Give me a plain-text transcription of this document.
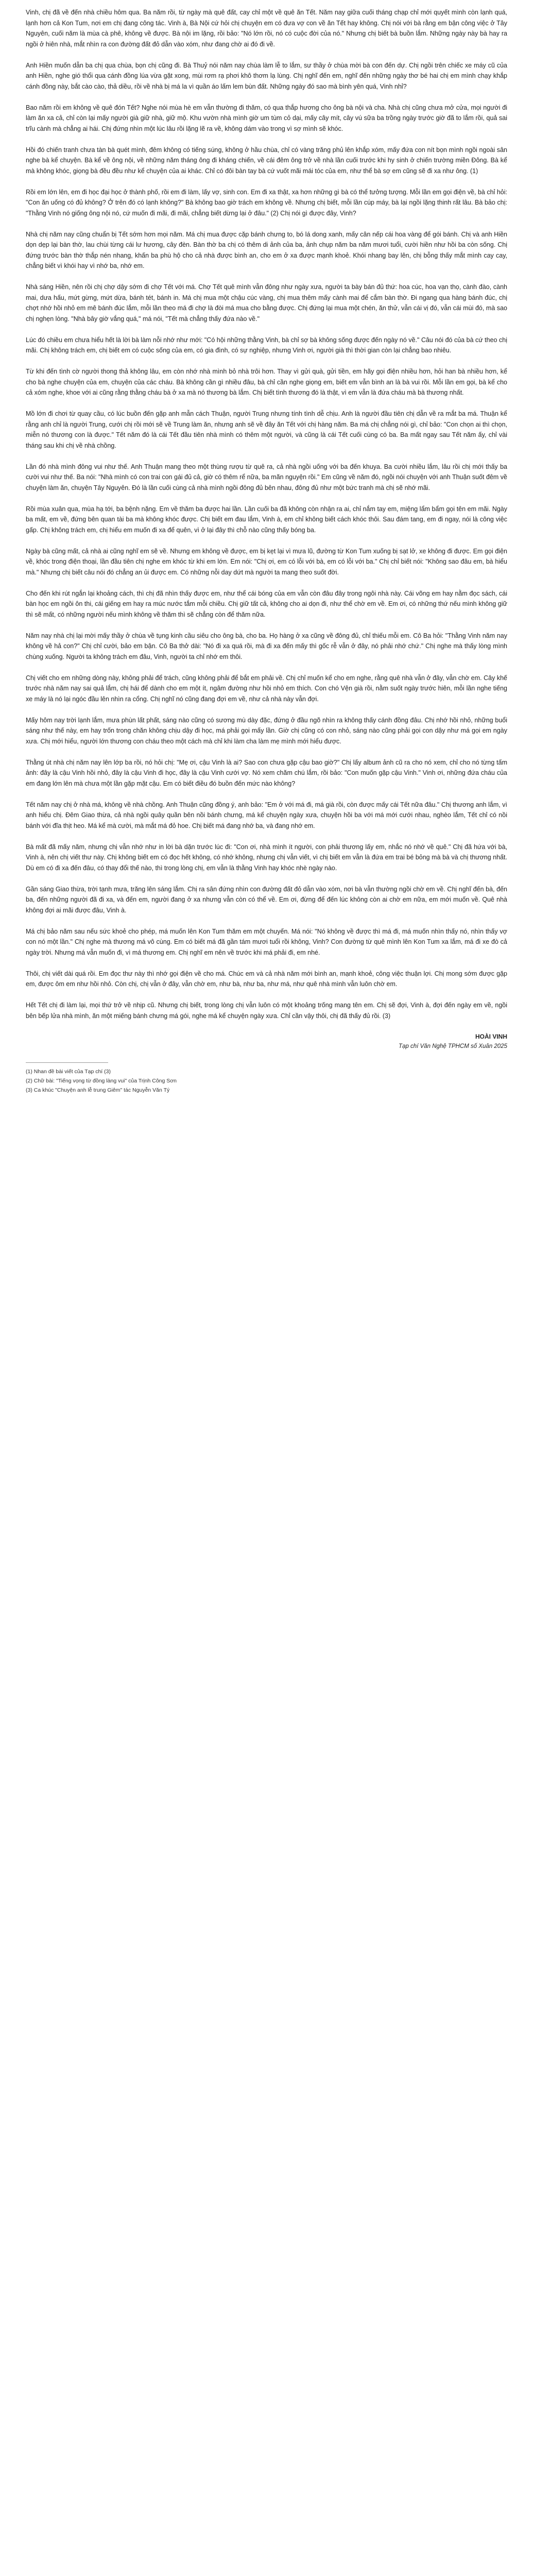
Vinh, chị đã về đến nhà chiều hôm qua. Ba năm rồi, từ ngày mà quê đất, cay chỉ một về quê ăn Tết. Năm nay giữa cuối tháng chạp chỉ mới quyết mình còn lạnh quá, lạnh hơn cả Kon Tum, nơi em chị đang công tác. Vinh à, Bà Nội cứ hỏi chị chuyện em có đưa vợ con về ăn Tết hay không. Chị nói với bà rằng em bận công việc ở Tây Nguyên, cuối năm là mùa cà phê, không về được. Bà nội im lặng, rồi bảo: "Nó lớn rồi, nó có cuộc đời của nó." Nhưng chị biết bà buồn lắm. Những ngày này bà hay ra ngồi ở hiên nhà, mắt nhìn ra con đường đất đỏ dẫn vào xóm, như đang chờ ai đó đi về.

Anh Hiền muốn dẫn ba chị qua chùa, bọn chị cũng đi. Bà Thuỷ nói năm nay chùa làm lễ to lắm, sư thầy ở chùa mời bà con đến dự. Chị ngồi trên chiếc xe máy cũ của anh Hiền, nghe gió thổi qua cánh đồng lúa vừa gặt xong, mùi rơm rạ phơi khô thơm lạ lùng. Chị nghĩ đến em, nghĩ đến những ngày thơ bé hai chị em mình chạy khắp cánh đồng này, bắt cào cào, thả diều, rồi về nhà bị má la vì quần áo lấm lem bùn đất. Những ngày đó sao mà bình yên quá, Vinh nhỉ?

Bao năm rồi em không về quê đón Tết? Nghe nói mùa hè em vẫn thường đi thăm, có qua thắp hương cho ông bà nội và cha. Nhà chị cũng chưa mở cửa, mọi người đi làm ăn xa cả, chỉ còn lại mấy người già giữ nhà, giữ mộ. Khu vườn nhà mình giờ um tùm cỏ dại, mấy cây mít, cây vú sữa ba trồng ngày trước giờ đã to lắm rồi, quả sai trĩu cành mà chẳng ai hái. Chị đứng nhìn một lúc lâu rồi lặng lẽ ra về, không dám vào trong vì sợ mình sẽ khóc.

Hồi đó chiến tranh chưa tàn bà quét mình, đêm không có tiếng súng, không ở hầu chùa, chỉ có vàng trăng phủ lên khắp xóm, mấy đứa con nít bọn mình ngồi ngoài sân nghe bà kể chuyện. Bà kể về ông nội, về những năm tháng ông đi kháng chiến, về cái đêm ông trở về nhà lần cuối trước khi hy sinh ở chiến trường miền Đông. Bà kể mà không khóc, giọng bà đều đều như kể chuyện của ai khác. Chỉ có đôi bàn tay bà cứ vuốt mãi mái tóc của em, như thể bà sợ em cũng sẽ đi xa như ông. (1)

Rồi em lớn lên, em đi học đại học ở thành phố, rồi em đi làm, lấy vợ, sinh con. Em đi xa thật, xa hơn những gì bà có thể tưởng tượng. Mỗi lần em gọi điện về, bà chỉ hỏi: "Con ăn uống có đủ không? Ở trên đó có lạnh không?" Bà không bao giờ trách em không về. Nhưng chị biết, mỗi lần cúp máy, bà lại ngồi lặng thinh rất lâu. Bà bảo chị: "Thằng Vinh nó giống ông nội nó, cứ muốn đi mãi, đi mãi, chẳng biết dừng lại ở đâu." (2) Chị nói gì được đây, Vinh?

Nhà chị năm nay cũng chuẩn bị Tết sớm hơn mọi năm. Má chị mua được cặp bánh chưng to, bó lá dong xanh, mấy cân nếp cái hoa vàng để gói bánh. Chị và anh Hiền dọn dẹp lại bàn thờ, lau chùi từng cái lư hương, cây đèn. Bàn thờ ba chị có thêm di ảnh của ba, ảnh chụp năm ba năm mươi tuổi, cười hiền như hồi ba còn sống. Chị đứng trước bàn thờ thắp nén nhang, khấn ba phù hộ cho cả nhà được bình an, cho em ở xa được mạnh khoẻ. Khói nhang bay lên, chị bỗng thấy mắt mình cay cay, chẳng biết vì khói hay vì nhớ ba, nhớ em.

Nhà sáng Hiền, nên rồi chị chợ dậy sớm đi chợ Tết với má. Chợ Tết quê mình vẫn đông như ngày xưa, người ta bày bán đủ thứ: hoa cúc, hoa vạn thọ, cành đào, cành mai, dưa hấu, mứt gừng, mứt dừa, bánh tét, bánh in. Má chị mua một chậu cúc vàng, chị mua thêm mấy cành mai để cắm bàn thờ. Đi ngang qua hàng bánh đúc, chị chợt nhớ hồi nhỏ em mê bánh đúc lắm, mỗi lần theo má đi chợ là đòi má mua cho bằng được. Chị đứng lại mua một chén, ăn thử, vẫn cái vị đó, vẫn cái mùi đó, mà sao chị nghẹn lòng. "Nhà bây giờ vắng quá," má nói, "Tết mà chẳng thấy đứa nào về."

Lúc đó chiều em chưa hiểu hết là lời bà làm nỗi nhớ như mới: "Có hội những thằng Vinh, bà chỉ sợ bà không sống được đến ngày nó về." Câu nói đó của bà cứ theo chị mãi. Chị không trách em, chị biết em có cuộc sống của em, có gia đình, có sự nghiệp, nhưng Vinh ơi, người già thì thời gian còn lại chẳng bao nhiêu.

Từ khi đến tình cờ người thong thả không lâu, em còn nhớ nhà mình bỏ nhà trôi hơn. Thay vì gửi quà, gửi tiền, em hãy gọi điện nhiều hơn, hỏi han bà nhiều hơn, kể cho bà nghe chuyện của em, chuyện của các cháu. Bà không cần gì nhiều đâu, bà chỉ cần nghe giọng em, biết em vẫn bình an là bà vui rồi. Mỗi lần em gọi, bà kể cho cả xóm nghe, khoe với ai cũng rằng thằng cháu bà ở xa mà nó thương bà lắm. Chị biết tình thương đó là thật, vì em vẫn là đứa cháu mà bà thương nhất.

Mồ lớn đi chơi từ quay cầu, có lúc buồn đến gặp anh mẫn cách Thuận, người Trung nhưng tính tình dễ chịu. Anh là người đầu tiên chị dẫn về ra mắt ba má. Thuận kể rằng anh chỉ là người Trung, cưới chị rồi mới sẽ về Trung làm ăn, nhưng anh sẽ về đây ăn Tết với chị hàng năm. Ba má chị chẳng nói gì, chỉ bảo: "Con chọn ai thì chọn, miễn nó thương con là được." Tết năm đó là cái Tết đầu tiên nhà mình có thêm một người, và cũng là cái Tết cuối cùng có ba. Ba mất ngay sau Tết năm ấy, chỉ vài tháng sau khi chị về nhà chồng.

Lần đó nhà mình đông vui như thế. Anh Thuận mang theo một thùng rượu từ quê ra, cả nhà ngồi uống với ba đến khuya. Ba cười nhiều lắm, lâu rồi chị mới thấy ba cười vui như thế. Ba nói: "Nhà mình có con trai con gái đủ cả, giờ có thêm rể nữa, ba mãn nguyện rồi." Em cũng về năm đó, ngồi nói chuyện với anh Thuận suốt đêm về chuyện làm ăn, chuyện Tây Nguyên. Đó là lần cuối cùng cả nhà mình ngồi đông đủ bên nhau, đông đủ như một bức tranh mà chị sẽ nhớ mãi.

Rồi mùa xuân qua, mùa hạ tới, ba bệnh nặng. Em về thăm ba được hai lần. Lần cuối ba đã không còn nhận ra ai, chỉ nắm tay em, miệng lẩm bẩm gọi tên em mãi. Ngày ba mất, em về, đứng bên quan tài ba mà không khóc được. Chị biết em đau lắm, Vinh à, em chỉ không biết cách khóc thôi. Sau đám tang, em đi ngay, nói là công việc gấp. Chị không trách em, chị hiểu em muốn đi xa để quên, vì ở lại đây thì chỗ nào cũng thấy bóng ba.

Ngày bà cũng mất, cả nhà ai cũng nghĩ em sẽ về. Nhưng em không về được, em bị kẹt lại vì mưa lũ, đường từ Kon Tum xuống bị sạt lở, xe không đi được. Em gọi điện về, khóc trong điện thoại, lần đầu tiên chị nghe em khóc từ khi em lớn. Em nói: "Chị ơi, em có lỗi với bà, em có lỗi với ba." Chị chỉ biết nói: "Không sao đâu em, bà hiểu mà." Nhưng chị biết câu nói đó chẳng an ủi được em. Có những nỗi day dứt mà người ta mang theo suốt đời.

Cho đến khi rút ngắn lại khoảng cách, thì chị đã nhìn thấy được em, như thể cái bóng của em vẫn còn đâu đây trong ngôi nhà này. Cái võng em hay nằm đọc sách, cái bàn học em ngồi ôn thi, cái giếng em hay ra múc nước tắm mỗi chiều. Chị giữ tất cả, không cho ai dọn đi, như thể chờ em về. Em ơi, có những thứ nếu mình không giữ thì sẽ mất, có những người nếu mình không về thăm thì sẽ chẳng còn để thăm nữa.

Năm nay nhà chị lại mời mấy thầy ở chùa về tụng kinh cầu siêu cho ông bà, cho ba. Họ hàng ở xa cũng về đông đủ, chỉ thiếu mỗi em. Cô Ba hỏi: "Thằng Vinh năm nay không về hả con?" Chị chỉ cười, bảo em bận. Cô Ba thở dài: "Nó đi xa quá rồi, mà đi xa đến mấy thì gốc rễ vẫn ở đây, nó phải nhớ chứ." Chị nghe mà thấy lòng mình chùng xuống. Người ta không trách em đâu, Vinh, người ta chỉ nhớ em thôi.

Chị viết cho em những dòng này, không phải để trách, cũng không phải để bắt em phải về. Chị chỉ muốn kể cho em nghe, rằng quê nhà vẫn ở đây, vẫn chờ em. Cây khế trước nhà năm nay sai quả lắm, chị hái để dành cho em một ít, ngâm đường như hồi nhỏ em thích. Con chó Vện già rồi, nằm suốt ngày trước hiên, mỗi lần nghe tiếng xe máy là nó lại ngóc đầu lên nhìn ra cổng. Chị nghĩ nó cũng đang đợi em về, như cả nhà này vẫn đợi.

Mấy hôm nay trời lạnh lắm, mưa phùn lất phất, sáng nào cũng có sương mù dày đặc, đứng ở đầu ngõ nhìn ra không thấy cánh đồng đâu. Chị nhớ hồi nhỏ, những buổi sáng như thế này, em hay trốn trong chăn không chịu dậy đi học, má phải gọi mấy lần. Giờ chị cũng có con nhỏ, sáng nào cũng phải gọi con dậy như má gọi em ngày xưa. Chị mới hiểu, người lớn thương con cháu theo một cách mà chỉ khi làm cha làm mẹ mình mới hiểu được.

Thằng út nhà chị năm nay lên lớp ba rồi, nó hỏi chị: "Mẹ ơi, cậu Vinh là ai? Sao con chưa gặp cậu bao giờ?" Chị lấy album ảnh cũ ra cho nó xem, chỉ cho nó từng tấm ảnh: đây là cậu Vinh hồi nhỏ, đây là cậu Vinh đi học, đây là cậu Vinh cưới vợ. Nó xem chăm chú lắm, rồi bảo: "Con muốn gặp cậu Vinh." Vinh ơi, những đứa cháu của em đang lớn lên mà chưa một lần gặp mặt cậu. Em có biết điều đó buồn đến mức nào không?

Tết năm nay chị ở nhà má, không về nhà chồng. Anh Thuận cũng đồng ý, anh bảo: "Em ở với má đi, má già rồi, còn được mấy cái Tết nữa đâu." Chị thương anh lắm, vì anh hiểu chị. Đêm Giao thừa, cả nhà ngồi quây quần bên nồi bánh chưng, má kể chuyện ngày xưa, chuyện hồi ba với má mới cưới nhau, nghèo lắm, Tết chỉ có nồi bánh với đĩa thịt heo. Má kể mà cười, mà mắt má đỏ hoe. Chị biết má đang nhớ ba, và đang nhớ em.

Bà mất đã mấy năm, nhưng chị vẫn nhớ như in lời bà dặn trước lúc đi: "Con ơi, nhà mình ít người, con phải thương lấy em, nhắc nó nhớ về quê." Chị đã hứa với bà, Vinh à, nên chị viết thư này. Chị không biết em có đọc hết không, có nhớ không, nhưng chị vẫn viết, vì chị biết em vẫn là đứa em trai bé bỏng mà bà và chị thương nhất. Dù em có đi xa đến đâu, có thay đổi thế nào, thì trong lòng chị, em vẫn là thằng Vinh hay khóc nhè ngày nào.

Gần sáng Giao thừa, trời tạnh mưa, trăng lên sáng lắm. Chị ra sân đứng nhìn con đường đất đỏ dẫn vào xóm, nơi bà vẫn thường ngồi chờ em về. Chị nghĩ đến bà, đến ba, đến những người đã đi xa, và đến em, người đang ở xa nhưng vẫn còn có thể về. Em ơi, đừng để đến lúc không còn ai chờ em nữa, em mới muốn về. Quê nhà không đợi ai mãi được đâu, Vinh à.

Má chị bảo năm sau nếu sức khoẻ cho phép, má muốn lên Kon Tum thăm em một chuyến. Má nói: "Nó không về được thì má đi, má muốn nhìn thấy nó, nhìn thấy vợ con nó một lần." Chị nghe mà thương má vô cùng. Em có biết má đã gần tám mươi tuổi rồi không, Vinh? Con đường từ quê mình lên Kon Tum xa lắm, má đi xe đò cả ngày trời. Nhưng má vẫn muốn đi, vì má thương em. Chị nghĩ em nên về trước khi má phải đi, em nhé.

Thôi, chị viết dài quá rồi. Em đọc thư này thì nhớ gọi điện về cho má. Chúc em và cả nhà năm mới bình an, mạnh khoẻ, công việc thuận lợi. Chị mong sớm được gặp em, được ôm em như hồi nhỏ. Còn chị, chị vẫn ở đây, vẫn chờ em, như bà, như ba, như má, như quê nhà mình vẫn luôn chờ em.

Hết Tết chị đi làm lại, mọi thứ trở về nhịp cũ. Nhưng chị biết, trong lòng chị vẫn luôn có một khoảng trống mang tên em. Chị sẽ đợi, Vinh à, đợi đến ngày em về, ngồi bên bếp lửa nhà mình, ăn một miếng bánh chưng má gói, nghe má kể chuyện ngày xưa. Chỉ cần vậy thôi, chị đã thấy đủ rồi. (3)

HOÀI VINH
Tạp chí Văn Nghệ TPHCM số Xuân 2025
(1) Nhan đề bài viết của Tạp chí (3)
(2) Chữ bài: "Tiếng vọng từ đồng làng vui" của Trịnh Công Sơn
(3) Ca khúc "Chuyện anh lễ trung Giêm" tác Nguyễn Văn Tý
